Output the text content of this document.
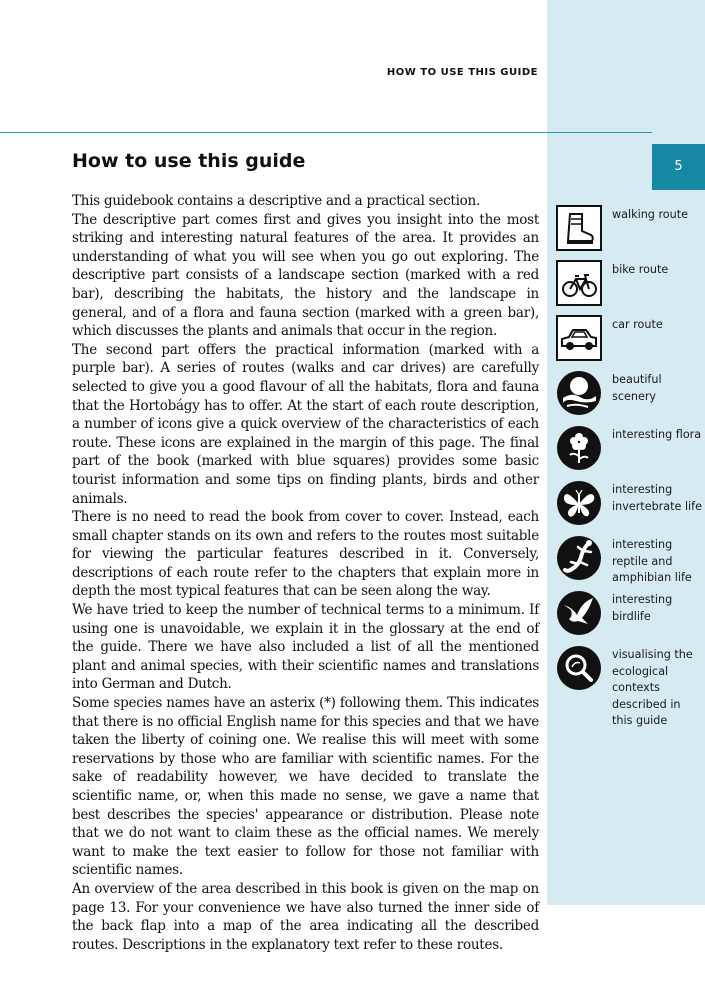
HOW TO USE THIS GUIDE
5
How to use this guide

This guidebook contains a descriptive and a practical section.

The descriptive part comes first and gives you insight into the most striking and interesting natural features of the area. It provides an understanding of what you will see when you go out exploring. The descriptive part consists of a landscape section (marked with a red bar), describing the habitats, the history and the landscape in general, and of a flora and fauna section (marked with a green bar), which discusses the plants and animals that occur in the region.

The second part offers the practical information (marked with a purple bar). A series of routes (walks and car drives) are carefully selected to give you a good flavour of all the habitats, flora and fauna that the Hortobágy has to offer. At the start of each route description, a number of icons give a quick overview of the characteristics of each route. These icons are explained in the margin of this page. The final part of the book (marked with blue squares) provides some basic tourist information and some tips on finding plants, birds and other animals.

There is no need to read the book from cover to cover. Instead, each small chapter stands on its own and refers to the routes most suitable for viewing the particular features described in it. Conversely, descriptions of each route refer to the chapters that explain more in depth the most typical features that can be seen along the way.

We have tried to keep the number of technical terms to a minimum. If using one is unavoidable, we explain it in the glossary at the end of the guide. There we have also included a list of all the mentioned plant and animal species, with their scientific names and translations into German and Dutch.

Some species names have an asterix (*) following them. This indicates that there is no official English name for this species and that we have taken the liberty of coining one. We realise this will meet with some reservations by those who are familiar with scientific names. For the sake of readability however, we have decided to translate the scientific name, or, when this made no sense, we gave a name that best describes the species' appearance or distribution. Please note that we do not want to claim these as the official names. We merely want to make the text easier to follow for those not familiar with scientific names.

An overview of the area described in this book is given on the map on page 13. For your convenience we have also turned the inner side of the back flap into a map of the area indicating all the described routes. Descriptions in the explanatory text refer to these routes.

walking route
bike route
car route
beautiful scenery
interesting flora
interesting invertebrate life
interesting reptile and amphibian life
interesting birdlife
visualising the ecological contexts described in this guide
